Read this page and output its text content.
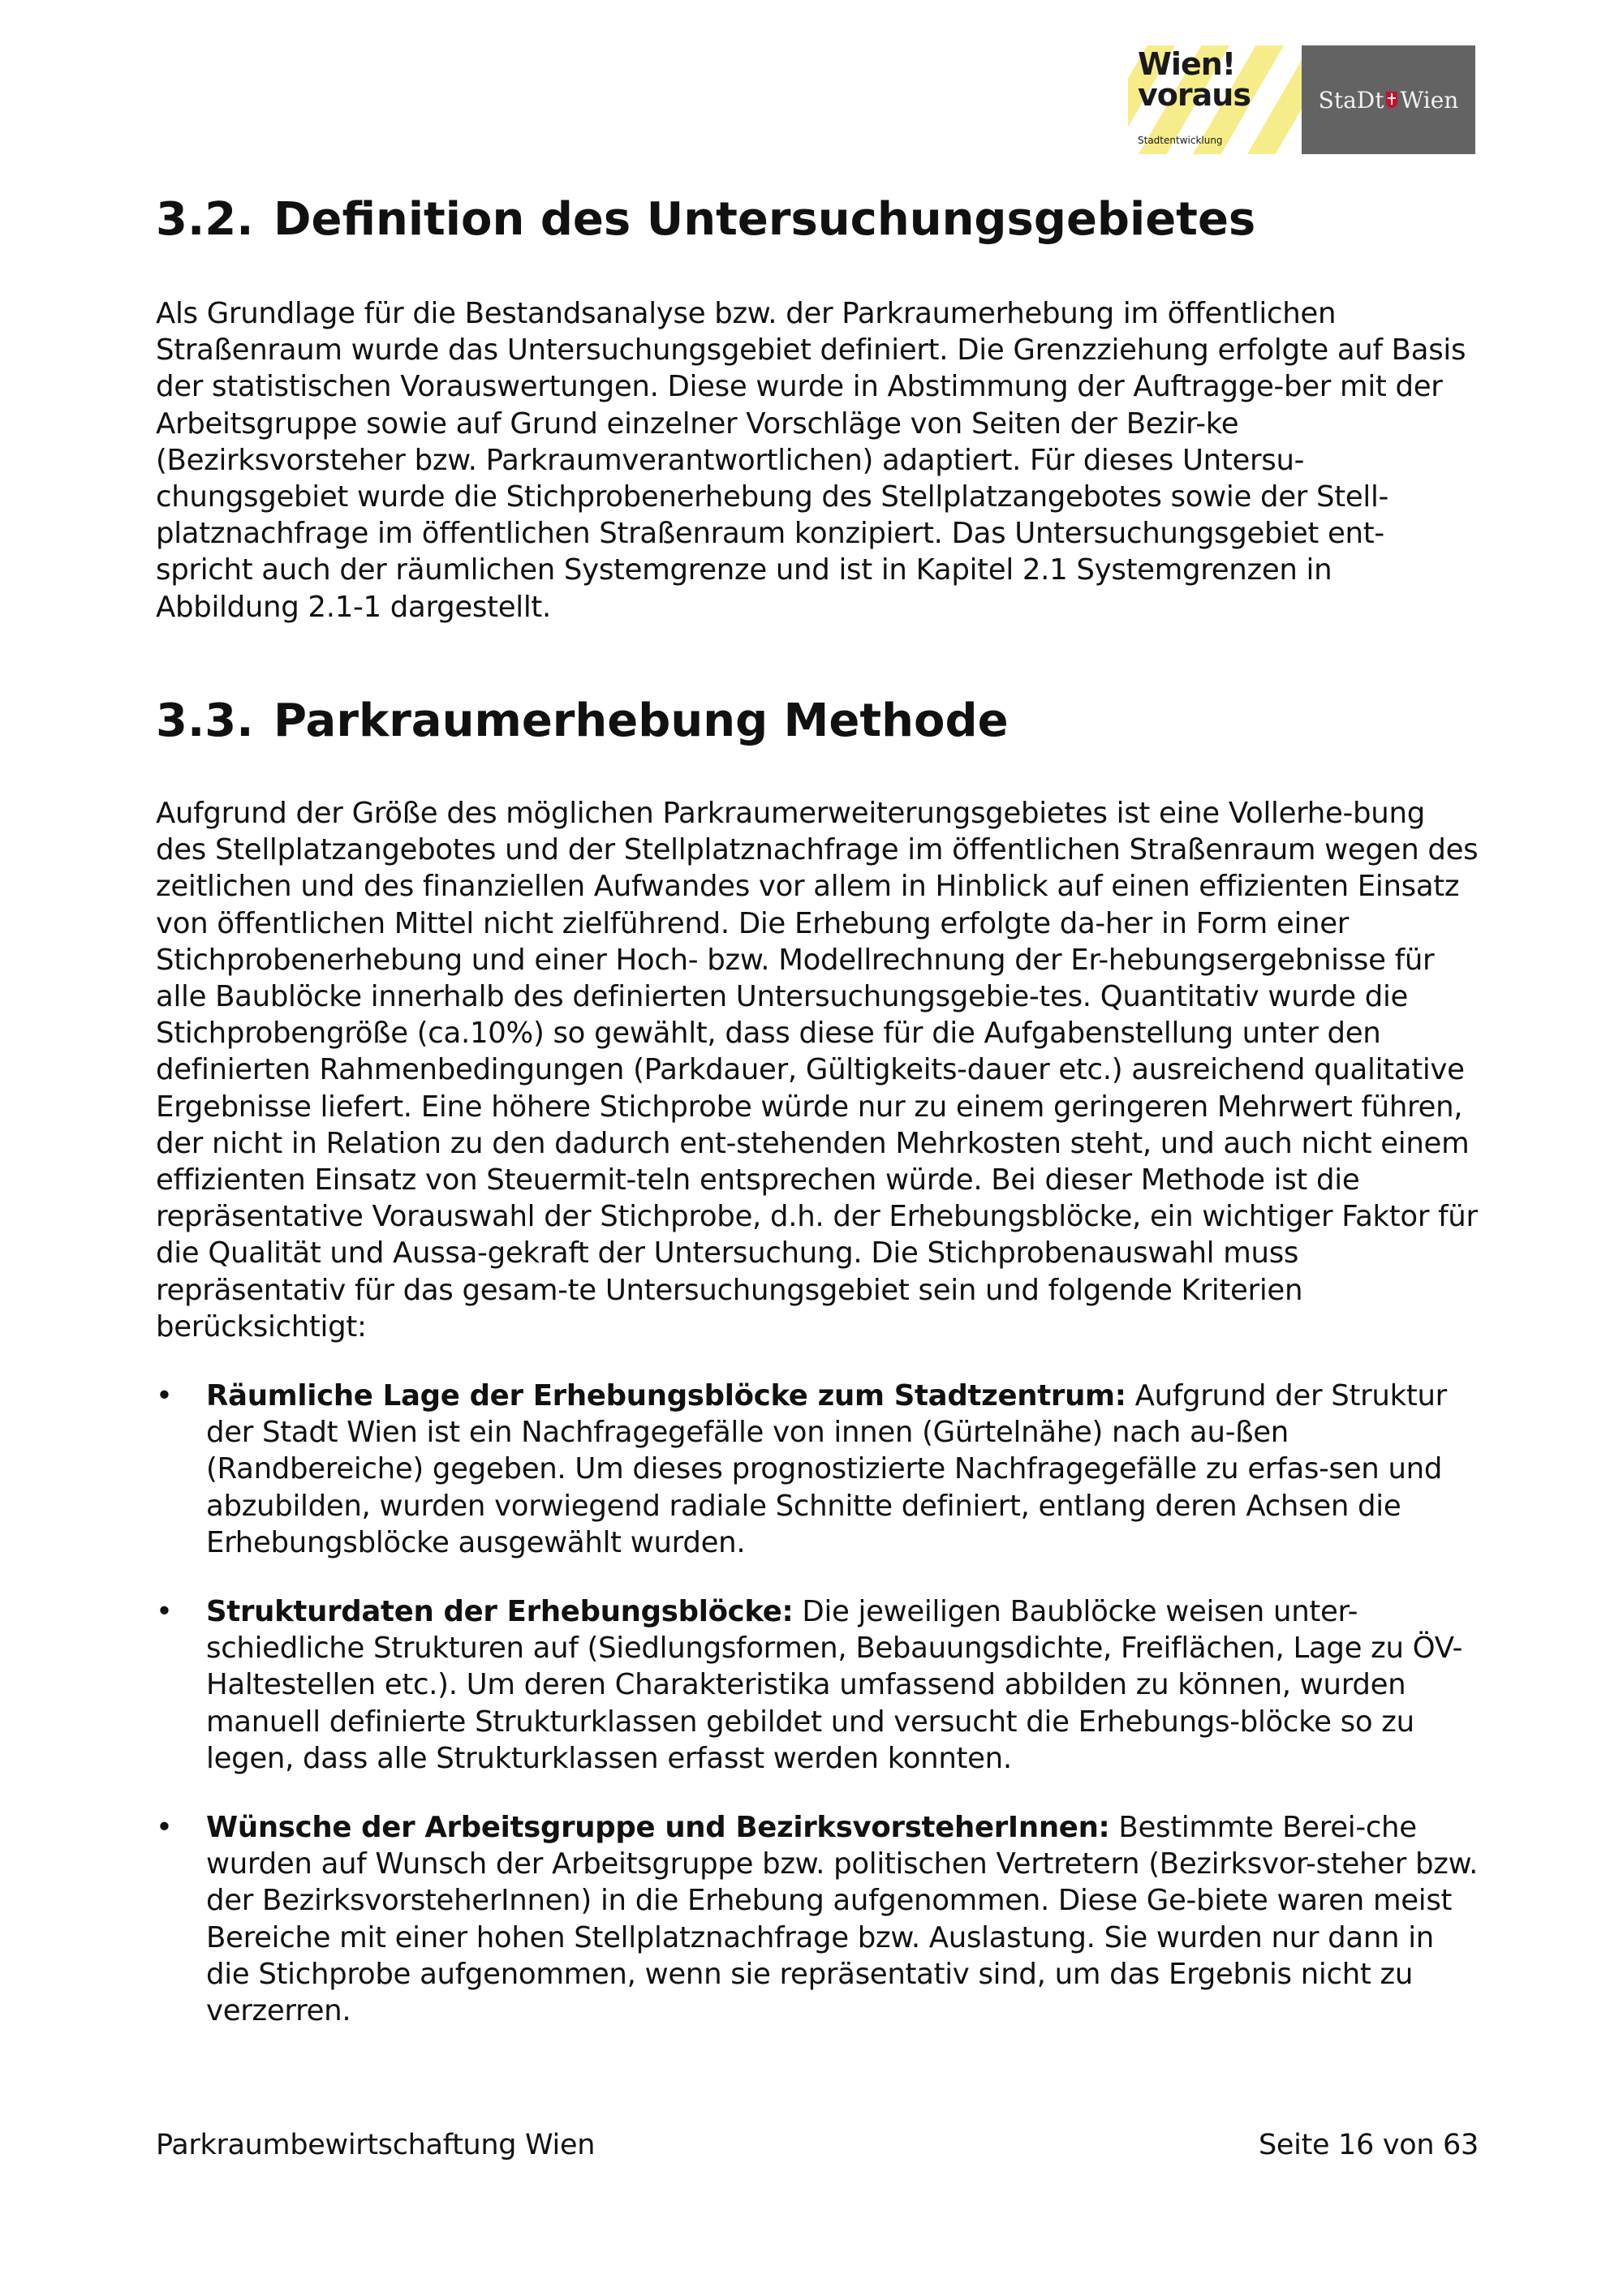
Wien!
voraus
Stadtentwicklung
StaDt Wien
3.2. Definition des Untersuchungsgebietes

Als Grundlage für die Bestandsanalyse bzw. der Parkraumerhebung im öffentlichen Straßenraum wurde das Untersuchungsgebiet definiert. Die Grenzziehung erfolgte auf Basis der statistischen Vorauswertungen. Diese wurde in Abstimmung der Auftragge-ber mit der Arbeitsgruppe sowie auf Grund einzelner Vorschläge von Seiten der Bezir-ke (Bezirksvorsteher bzw. Parkraumverantwortlichen) adaptiert. Für dieses Untersu-chungsgebiet wurde die Stichprobenerhebung des Stellplatzangebotes sowie der Stell-platznachfrage im öffentlichen Straßenraum konzipiert. Das Untersuchungsgebiet ent-spricht auch der räumlichen Systemgrenze und ist in Kapitel 2.1 Systemgrenzen in Abbildung 2.1-1 dargestellt.

3.3. Parkraumerhebung Methode

Aufgrund der Größe des möglichen Parkraumerweiterungsgebietes ist eine Vollerhe-bung des Stellplatzangebotes und der Stellplatznachfrage im öffentlichen Straßenraum wegen des zeitlichen und des finanziellen Aufwandes vor allem in Hinblick auf einen effizienten Einsatz von öffentlichen Mittel nicht zielführend. Die Erhebung erfolgte da-her in Form einer Stichprobenerhebung und einer Hoch- bzw. Modellrechnung der Er-hebungsergebnisse für alle Baublöcke innerhalb des definierten Untersuchungsgebie-tes. Quantitativ wurde die Stichprobengröße (ca.10%) so gewählt, dass diese für die Aufgabenstellung unter den definierten Rahmenbedingungen (Parkdauer, Gültigkeits-dauer etc.) ausreichend qualitative Ergebnisse liefert. Eine höhere Stichprobe würde nur zu einem geringeren Mehrwert führen, der nicht in Relation zu den dadurch ent-stehenden Mehrkosten steht, und auch nicht einem effizienten Einsatz von Steuermit-teln entsprechen würde. Bei dieser Methode ist die repräsentative Vorauswahl der Stichprobe, d.h. der Erhebungsblöcke, ein wichtiger Faktor für die Qualität und Aussa-gekraft der Untersuchung. Die Stichprobenauswahl muss repräsentativ für das gesam-te Untersuchungsgebiet sein und folgende Kriterien berücksichtigt:

• Räumliche Lage der Erhebungsblöcke zum Stadtzentrum: Aufgrund der Struktur der Stadt Wien ist ein Nachfragegefälle von innen (Gürtelnähe) nach au-ßen (Randbereiche) gegeben. Um dieses prognostizierte Nachfragegefälle zu erfas-sen und abzubilden, wurden vorwiegend radiale Schnitte definiert, entlang deren Achsen die Erhebungsblöcke ausgewählt wurden.
• Strukturdaten der Erhebungsblöcke: Die jeweiligen Baublöcke weisen unter-schiedliche Strukturen auf (Siedlungsformen, Bebauungsdichte, Freiflächen, Lage zu ÖV-Haltestellen etc.). Um deren Charakteristika umfassend abbilden zu können, wurden manuell definierte Strukturklassen gebildet und versucht die Erhebungs-blöcke so zu legen, dass alle Strukturklassen erfasst werden konnten.
• Wünsche der Arbeitsgruppe und BezirksvorsteherInnen: Bestimmte Berei-che wurden auf Wunsch der Arbeitsgruppe bzw. politischen Vertretern (Bezirksvor-steher bzw. der BezirksvorsteherInnen) in die Erhebung aufgenommen. Diese Ge-biete waren meist Bereiche mit einer hohen Stellplatznachfrage bzw. Auslastung. Sie wurden nur dann in die Stichprobe aufgenommen, wenn sie repräsentativ sind, um das Ergebnis nicht zu verzerren.
Parkraumbewirtschaftung Wien	Seite 16 von 63
